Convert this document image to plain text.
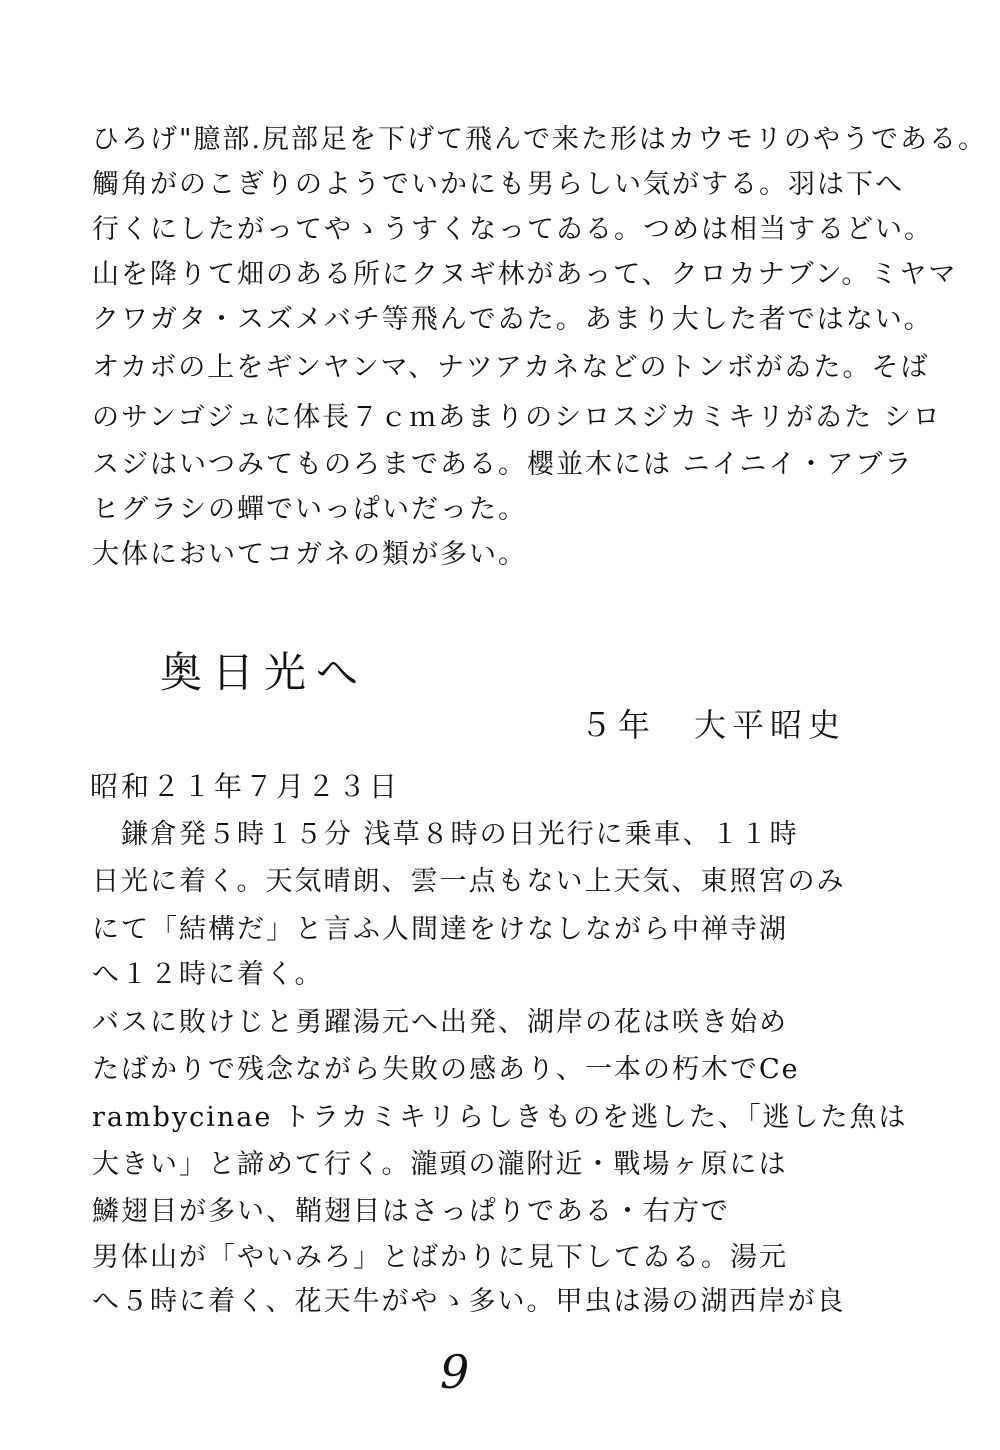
ひろげ"臆部.尻部足を下げて飛んで来た形はカウモリのやうである。
觸角がのこぎりのようでいかにも男らしい気がする。羽は下へ
行くにしたがってやゝうすくなってゐる。つめは相当するどい。
山を降りて畑のある所にクヌギ林があって、クロカナブン。ミヤマ
クワガタ・スズメバチ等飛んでゐた。あまり大した者ではない。
オカボの上をギンヤンマ、ナツアカネなどのトンボがゐた。そば
のサンゴジュに体長７ｃｍあまりのシロスジカミキリがゐた シロ
スジはいつみてものろまである。櫻並木には ニイニイ・アブラ
ヒグラシの蟬でいっぱいだった。
大体においてコガネの類が多い。
奥日光へ
５年　大平昭史
昭和２１年７月２３日
　鎌倉発５時１５分 浅草８時の日光行に乗車、１１時
日光に着く。天気晴朗、雲一点もない上天気、東照宮のみ
にて「結構だ」と言ふ人間達をけなしながら中禅寺湖
へ１２時に着く。
バスに敗けじと勇躍湯元へ出発、湖岸の花は咲き始め
たばかりで残念ながら失敗の感あり、一本の朽木でCe
rambycinae トラカミキリらしきものを逃した、「逃した魚は
大きい」と諦めて行く。瀧頭の瀧附近・戰場ヶ原には
鱗翅目が多い、鞘翅目はさっぱりである・右方で
男体山が「やいみろ」とばかりに見下してゐる。湯元
へ５時に着く、花天牛がやゝ多い。甲虫は湯の湖西岸が良
9
